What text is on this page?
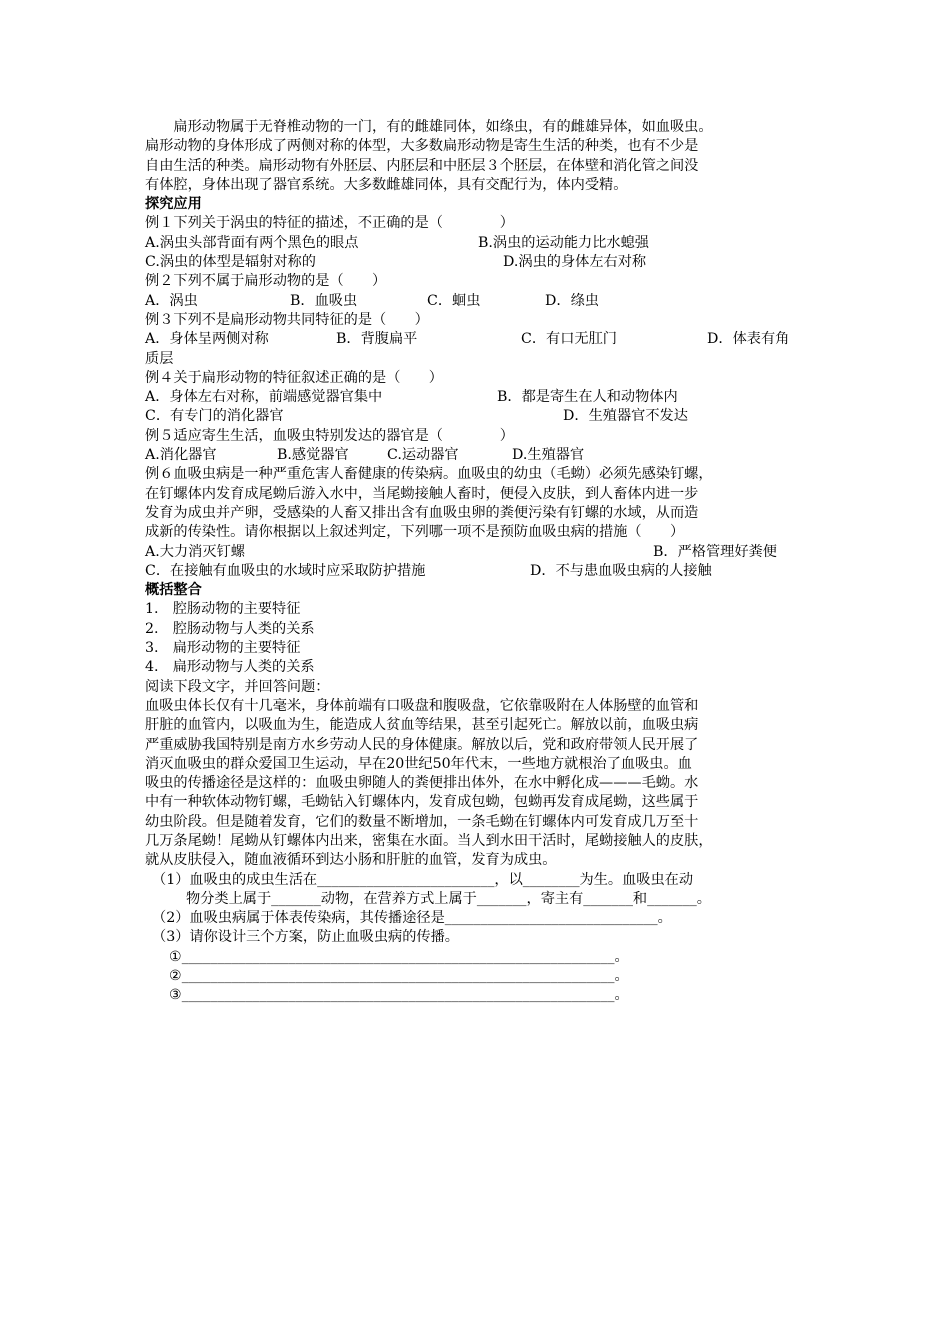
扁形动物属于无脊椎动物的一门，有的雌雄同体，如绦虫，有的雌雄异体，如血吸虫。
扁形动物的身体形成了两侧对称的体型，大多数扁形动物是寄生生活的种类，也有不少是
自由生活的种类。扁形动物有外胚层、内胚层和中胚层３个胚层，在体壁和消化管之间没
有体腔，身体出现了器官系统。大多数雌雄同体，具有交配行为，体内受精。
探究应用
例１下列关于涡虫的特征的描述，不正确的是（　　　　）
A.涡虫头部背面有两个黑色的眼点	B.涡虫的运动能力比水螅强
C.涡虫的体型是辐射对称的	D.涡虫的身体左右对称
例２下列不属于扁形动物的是（　　）
A．涡虫	B．血吸虫	C．蛔虫	D．绦虫
例３下列不是扁形动物共同特征的是（　　）
A．身体呈两侧对称	B．背腹扁平	C．有口无肛门	D．体表有角
质层
例４关于扁形动物的特征叙述正确的是（　　）
A．身体左右对称，前端感觉器官集中	B．都是寄生在人和动物体内
C．有专门的消化器官	D．生殖器官不发达
例５适应寄生生活，血吸虫特别发达的器官是（　　　　）
A.消化器官	B.感觉器官	C.运动器官	D.生殖器官
例６血吸虫病是一种严重危害人畜健康的传染病。血吸虫的幼虫（毛蚴）必须先感染钉螺，
在钉螺体内发育成尾蚴后游入水中，当尾蚴接触人畜时，便侵入皮肤，到人畜体内进一步
发育为成虫并产卵，受感染的人畜又排出含有血吸虫卵的粪便污染有钉螺的水域，从而造
成新的传染性。请你根据以上叙述判定，下列哪一项不是预防血吸虫病的措施（　　）
A.大力消灭钉螺	B．严格管理好粪便
C．在接触有血吸虫的水域时应采取防护措施	D．不与患血吸虫病的人接触
概括整合
1.　腔肠动物的主要特征
2.　腔肠动物与人类的关系
3.　扁形动物的主要特征
4.　扁形动物与人类的关系
阅读下段文字，并回答问题：
血吸虫体长仅有十几毫米，身体前端有口吸盘和腹吸盘，它依靠吸附在人体肠壁的血管和
肝脏的血管内，以吸血为生，能造成人贫血等结果，甚至引起死亡。解放以前，血吸虫病
严重威胁我国特别是南方水乡劳动人民的身体健康。解放以后，党和政府带领人民开展了
消灭血吸虫的群众爱国卫生运动，早在20世纪50年代末，一些地方就根治了血吸虫。血
吸虫的传播途径是这样的：血吸虫卵随人的粪便排出体外，在水中孵化成———毛蚴。水
中有一种软体动物钉螺，毛蚴钻入钉螺体内，发育成包蚴，包蚴再发育成尾蚴，这些属于
幼虫阶段。但是随着发育，它们的数量不断增加，一条毛蚴在钉螺体内可发育成几万至十
几万条尾蚴！尾蚴从钉螺体内出来，密集在水面。当人到水田干活时，尾蚴接触人的皮肤，
就从皮肤侵入，随血液循环到达小肠和肝脏的血管，发育为成虫。
（1）血吸虫的成虫生活在_________________________，以________为生。血吸虫在动
物分类上属于_______动物，在营养方式上属于_______，寄主有_______和_______。
（2）血吸虫病属于体表传染病，其传播途径是______________________________。
（3）请你设计三个方案，防止血吸虫病的传播。
①_____________________________________________________________。
②_____________________________________________________________。
③_____________________________________________________________。
